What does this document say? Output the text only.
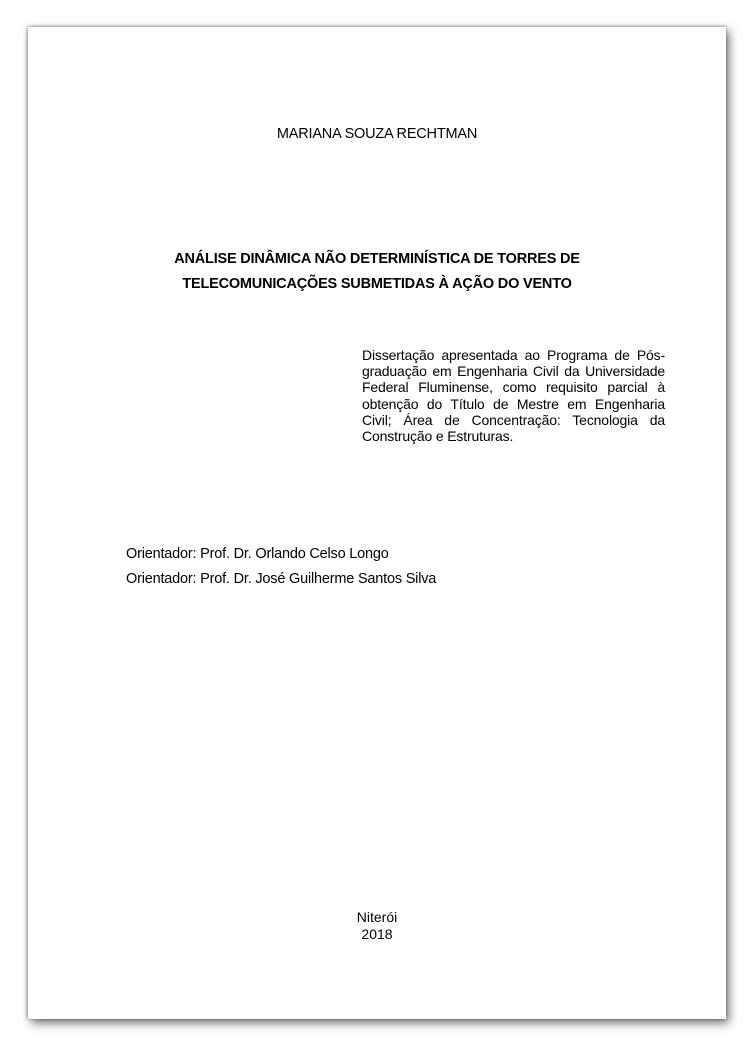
MARIANA SOUZA RECHTMAN
ANÁLISE DINÂMICA NÃO DETERMINÍSTICA DE TORRES DE
TELECOMUNICAÇÕES SUBMETIDAS À AÇÃO DO VENTO
Dissertação apresentada ao Programa de Pós-
graduação em Engenharia Civil da Universidade
Federal Fluminense, como requisito parcial à
obtenção do Título de Mestre em Engenharia
Civil; Área de Concentração: Tecnologia da
Construção e Estruturas.
Orientador: Prof. Dr. Orlando Celso Longo
Orientador: Prof. Dr. José Guilherme Santos Silva
Niterói
2018
